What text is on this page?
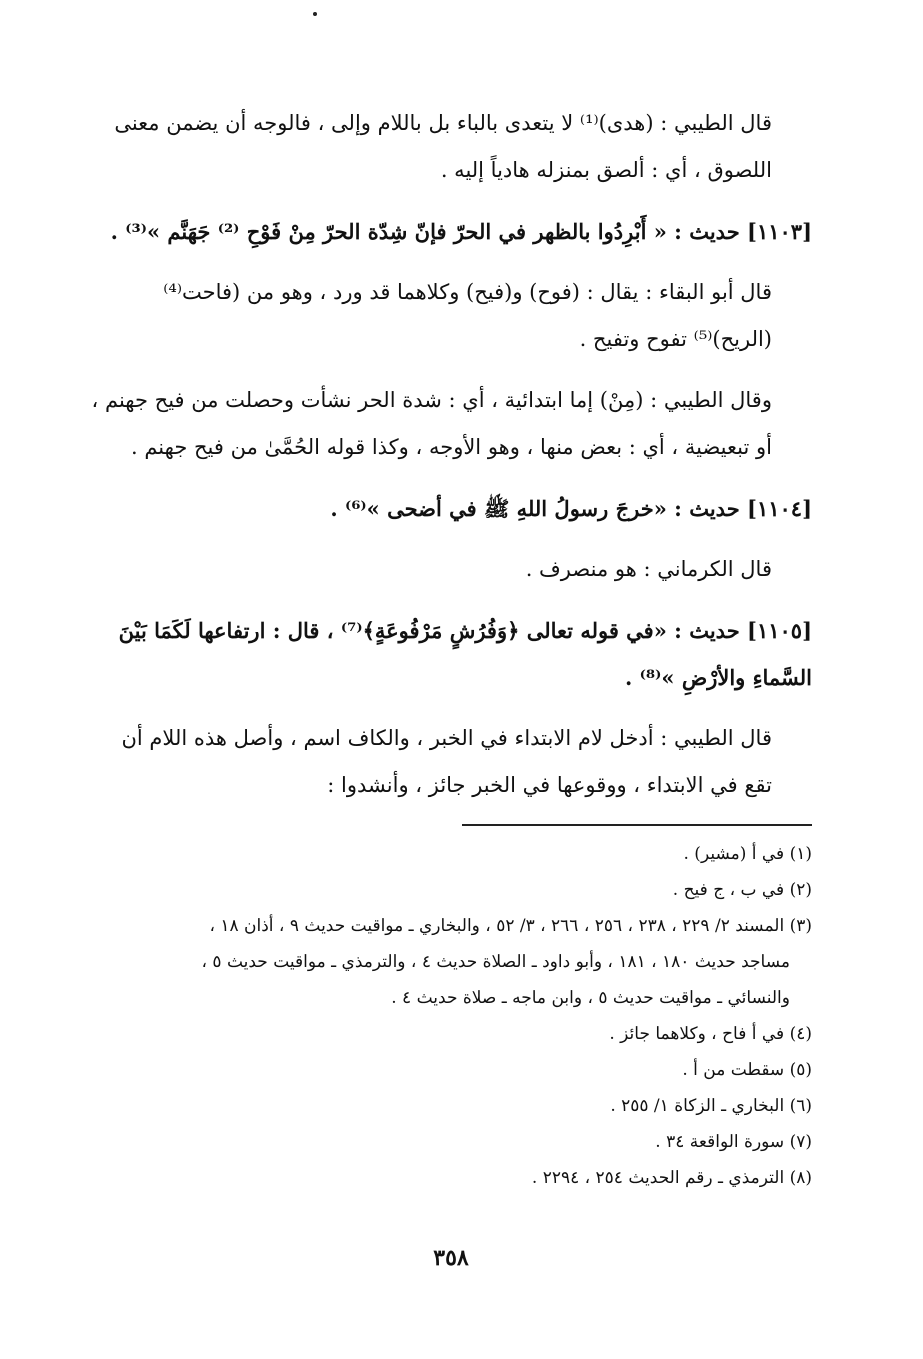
قال الطيبي : (هدى)⁽¹⁾ لا يتعدى بالباء بل باللام وإلى ، فالوجه أن يضمن معنى
اللصوق ، أي : ألصق بمنزله هادياً إليه .

[١١٠٣] حديث : « أَبْرِدُوا بالظهر في الحرّ فإنّ شِدّة الحرّ مِنْ فَوْحِ ⁽²⁾ جَهَنَّم »⁽³⁾ .

قال أبو البقاء : يقال : (فوح) و(فيح) وكلاهما قد ورد ، وهو من (فاحت⁽⁴⁾
(الريح)⁽⁵⁾ تفوح وتفيح .

وقال الطيبي : (مِنْ) إما ابتدائية ، أي : شدة الحر نشأت وحصلت من فيح جهنم ،
أو تبعيضية ، أي : بعض منها ، وهو الأوجه ، وكذا قوله الحُمَّىٰ من فيح جهنم .

[١١٠٤] حديث : «خرجَ رسولُ اللهِ ﷺ في أضحى »⁽⁶⁾ .

قال الكرماني : هو منصرف .

[١١٠٥] حديث : «في قوله تعالى ﴿وَفُرُشٍ مَرْفُوعَةٍ﴾⁽⁷⁾ ، قال : ارتفاعها لَكَمَا بَيْنَ
السَّماءِ والأرْضِ »⁽⁸⁾ .

قال الطيبي : أدخل لام الابتداء في الخبر ، والكاف اسم ، وأصل هذه اللام أن
تقع في الابتداء ، ووقوعها في الخبر جائز ، وأنشدوا :

(١) في أ (مشير) .

(٢) في ب ، ج فيح .

(٣) المسند ٢/ ٢٢٩ ، ٢٣٨ ، ٢٥٦ ، ٢٦٦ ، ٣/ ٥٢ ، والبخاري ـ مواقيت حديث ٩ ، أذان ١٨ ،

مساجد حديث ١٨٠ ، ١٨١ ، وأبو داود ـ الصلاة حديث ٤ ، والترمذي ـ مواقيت حديث ٥ ،

والنسائي ـ مواقيت حديث ٥ ، وابن ماجه ـ صلاة حديث ٤ .

(٤) في أ فاح ، وكلاهما جائز .

(٥) سقطت من أ .

(٦) البخاري ـ الزكاة ١/ ٢٥٥ .

(٧) سورة الواقعة ٣٤ .

(٨) الترمذي ـ رقم الحديث ٢٥٤ ، ٢٢٩٤ .

٣٥٨
